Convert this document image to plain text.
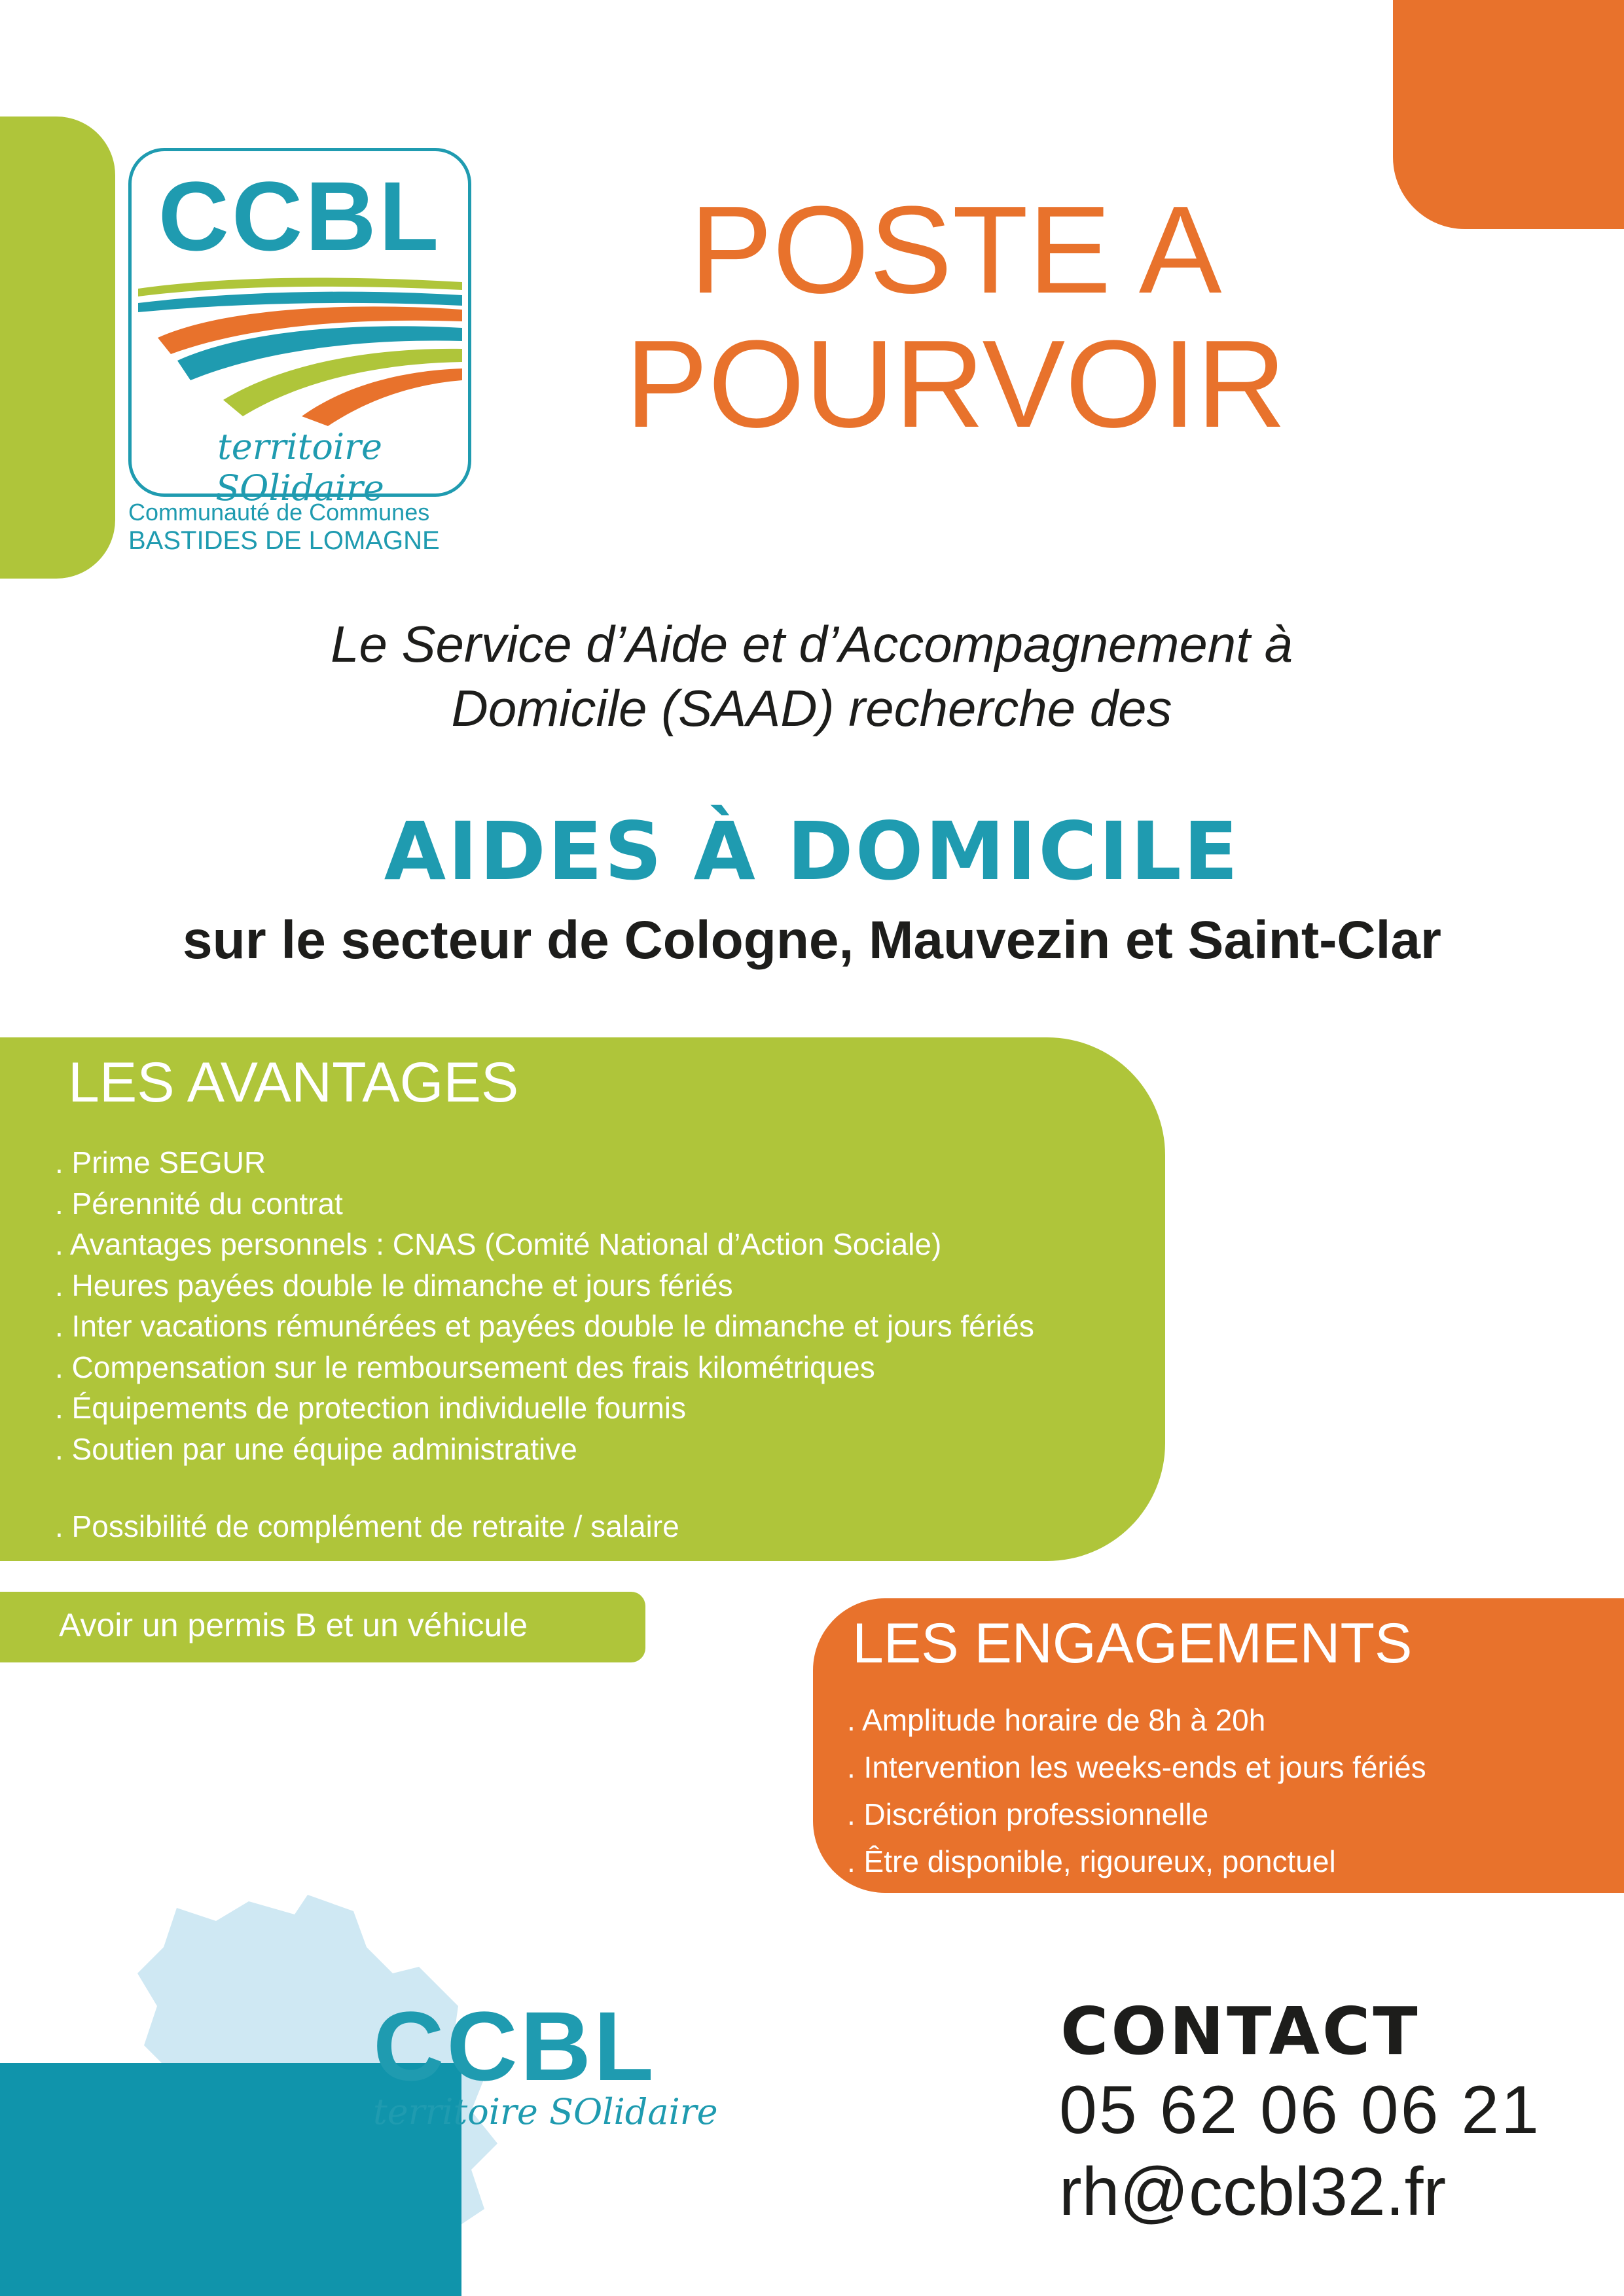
CCBL
territoire SOlidaire
Communauté de Communes
BASTIDES DE LOMAGNE
POSTE A
POURVOIR
Le Service d’Aide et d’Accompagnement à
Domicile (SAAD) recherche des
AIDES À DOMICILE
sur le secteur de Cologne, Mauvezin et Saint-Clar
LES AVANTAGES
. Prime SEGUR
. Pérennité du contrat
. Avantages personnels : CNAS (Comité National d’Action Sociale)
. Heures payées double le dimanche et jours fériés
. Inter vacations rémunérées et payées double le dimanche et jours fériés
. Compensation sur le remboursement des frais kilométriques
. Équipements de protection individuelle fournis
. Soutien par une équipe administrative
. Possibilité de complément de retraite / salaire
Avoir un permis B et un véhicule	LES ENGAGEMENTS
. Amplitude horaire de 8h à 20h
. Intervention les weeks-ends et jours fériés
. Discrétion professionnelle
. Être disponible, rigoureux, ponctuel
CCBL
territoire SOlidaire
CONTACT
05 62 06 06 21
rh@ccbl32.fr
